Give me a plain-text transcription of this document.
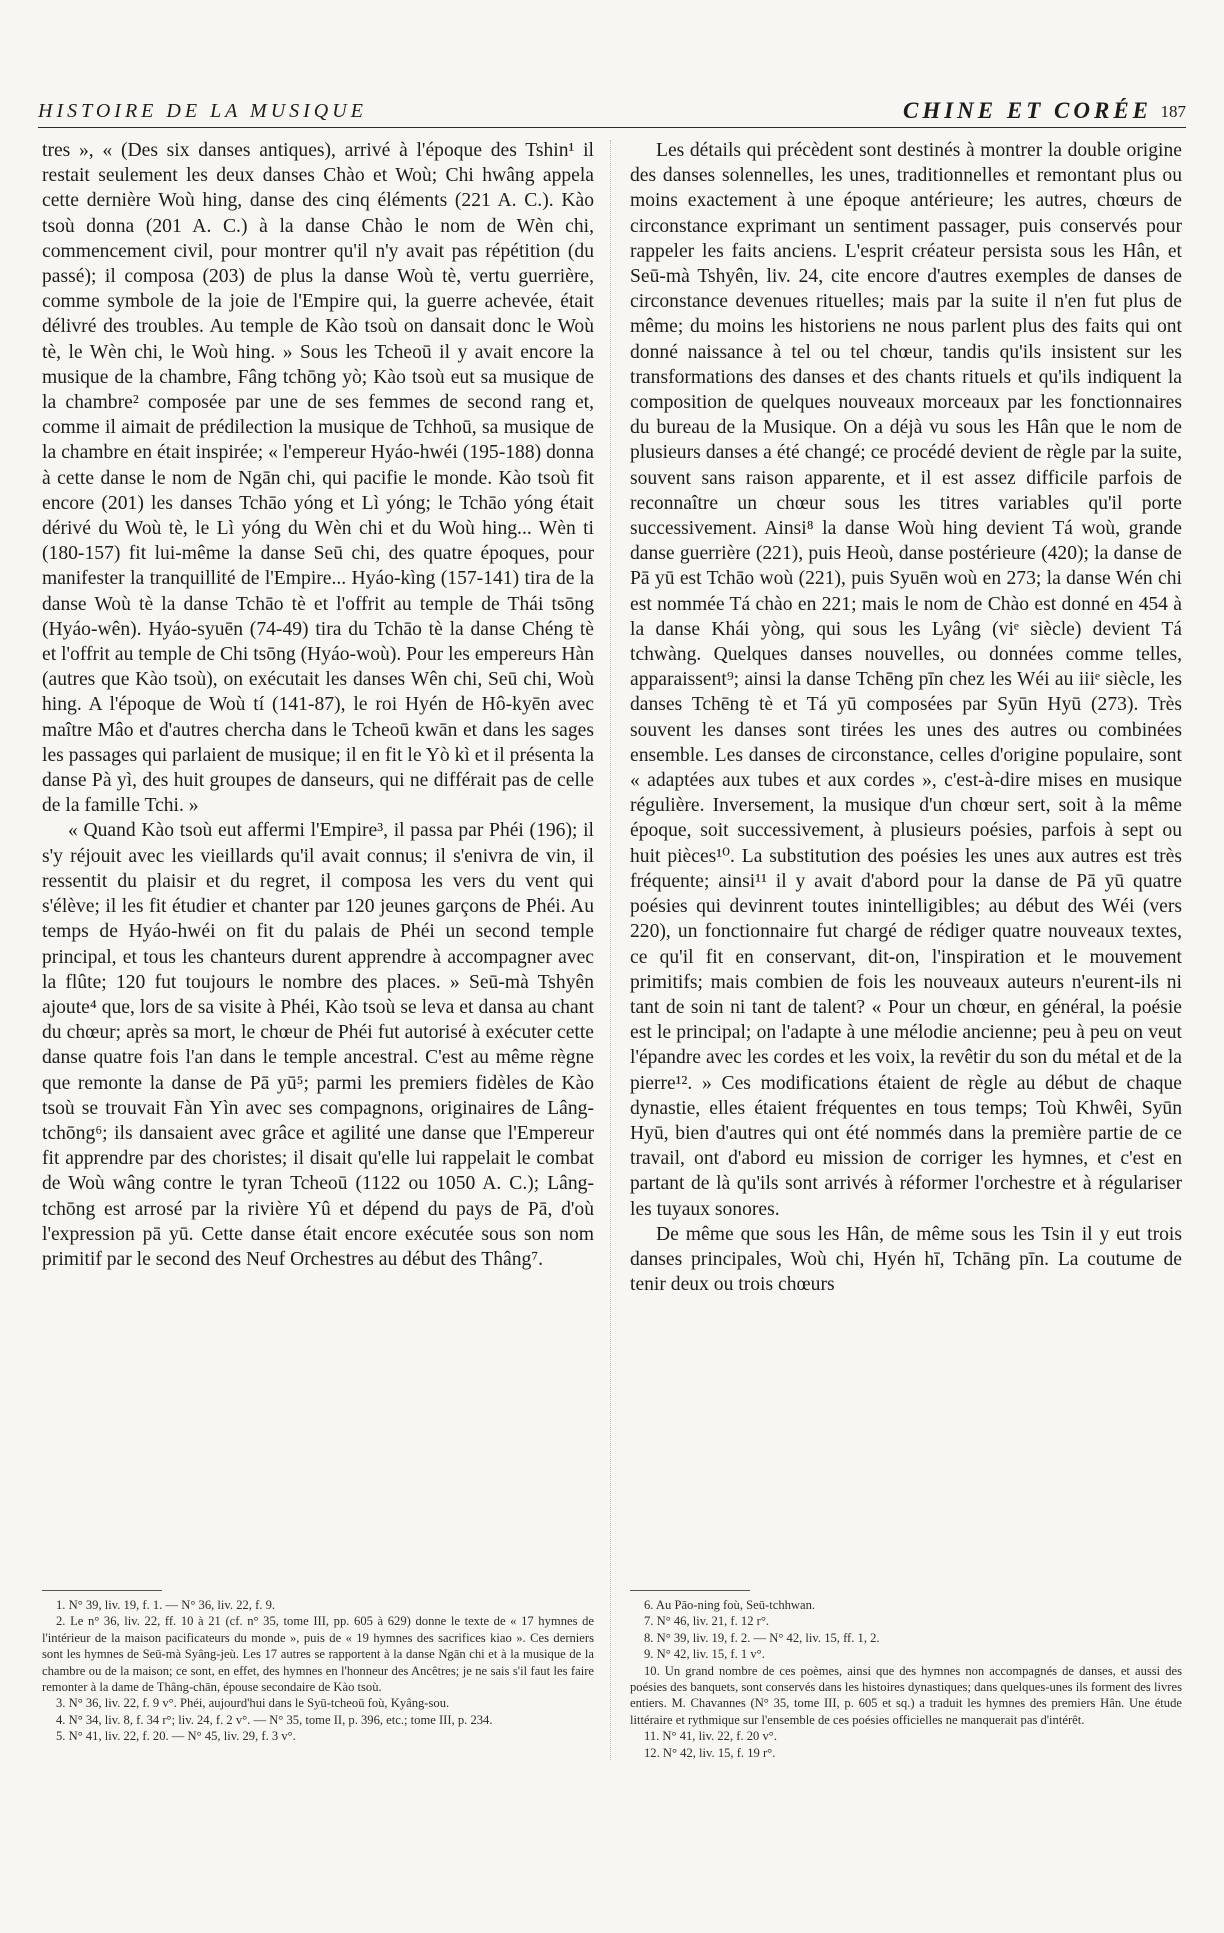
HISTOIRE DE LA MUSIQUE	CHINE ET CORÉE 187

tres », « (Des six danses antiques), arrivé à l'époque des Tshin¹ il restait seulement les deux danses Chào et Woù; Chi hwâng appela cette dernière Woù hing, danse des cinq éléments (221 A. C.). Kào tsoù donna (201 A. C.) à la danse Chào le nom de Wèn chi, commencement civil, pour montrer qu'il n'y avait pas répétition (du passé); il composa (203) de plus la danse Woù tè, vertu guerrière, comme symbole de la joie de l'Empire qui, la guerre achevée, était délivré des troubles. Au temple de Kào tsoù on dansait donc le Woù tè, le Wèn chi, le Woù hing. » Sous les Tcheoū il y avait encore la musique de la chambre, Fâng tchōng yò; Kào tsoù eut sa musique de la chambre² composée par une de ses femmes de second rang et, comme il aimait de prédilection la musique de Tchhoū, sa musique de la chambre en était inspirée; « l'empereur Hyáo-hwéi (195-188) donna à cette danse le nom de Ngān chi, qui pacifie le monde. Kào tsoù fit encore (201) les danses Tchāo yóng et Lì yóng; le Tchāo yóng était dérivé du Woù tè, le Lì yóng du Wèn chi et du Woù hing... Wèn ti (180-157) fit lui-même la danse Seū chi, des quatre époques, pour manifester la tranquillité de l'Empire... Hyáo-kìng (157-141) tira de la danse Woù tè la danse Tchāo tè et l'offrit au temple de Thái tsōng (Hyáo-wên). Hyáo-syuēn (74-49) tira du Tchāo tè la danse Chéng tè et l'offrit au temple de Chi tsōng (Hyáo-woù). Pour les empereurs Hàn (autres que Kào tsoù), on exécutait les danses Wên chi, Seū chi, Woù hing. A l'époque de Woù tí (141-87), le roi Hyén de Hô-kyēn avec maître Mâo et d'autres chercha dans le Tcheoū kwān et dans les sages les passages qui parlaient de musique; il en fit le Yò kì et il présenta la danse Pà yì, des huit groupes de danseurs, qui ne différait pas de celle de la famille Tchi. »

« Quand Kào tsoù eut affermi l'Empire³, il passa par Phéi (196); il s'y réjouit avec les vieillards qu'il avait connus; il s'enivra de vin, il ressentit du plaisir et du regret, il composa les vers du vent qui s'élève; il les fit étudier et chanter par 120 jeunes garçons de Phéi. Au temps de Hyáo-hwéi on fit du palais de Phéi un second temple principal, et tous les chanteurs durent apprendre à accompagner avec la flûte; 120 fut toujours le nombre des places. » Seū-mà Tshyên ajoute⁴ que, lors de sa visite à Phéi, Kào tsoù se leva et dansa au chant du chœur; après sa mort, le chœur de Phéi fut autorisé à exécuter cette danse quatre fois l'an dans le temple ancestral. C'est au même règne que remonte la danse de Pā yū⁵; parmi les premiers fidèles de Kào tsoù se trouvait Fàn Yìn avec ses compagnons, originaires de Lâng-tchōng⁶; ils dansaient avec grâce et agilité une danse que l'Empereur fit apprendre par des choristes; il disait qu'elle lui rappelait le combat de Woù wâng contre le tyran Tcheoū (1122 ou 1050 A. C.); Lâng-tchōng est arrosé par la rivière Yû et dépend du pays de Pā, d'où l'expression pā yū. Cette danse était encore exécutée sous son nom primitif par le second des Neuf Orchestres au début des Thâng⁷.

Les détails qui précèdent sont destinés à montrer la double origine des danses solennelles, les unes, traditionnelles et remontant plus ou moins exactement à une époque antérieure; les autres, chœurs de circonstance exprimant un sentiment passager, puis conservés pour rappeler les faits anciens. L'esprit créateur persista sous les Hân, et Seū-mà Tshyên, liv. 24, cite encore d'autres exemples de danses de circonstance devenues rituelles; mais par la suite il n'en fut plus de même; du moins les historiens ne nous parlent plus des faits qui ont donné naissance à tel ou tel chœur, tandis qu'ils insistent sur les transformations des danses et des chants rituels et qu'ils indiquent la composition de quelques nouveaux morceaux par les fonctionnaires du bureau de la Musique. On a déjà vu sous les Hân que le nom de plusieurs danses a été changé; ce procédé devient de règle par la suite, souvent sans raison apparente, et il est assez difficile parfois de reconnaître un chœur sous les titres variables qu'il porte successivement. Ainsi⁸ la danse Woù hing devient Tá woù, grande danse guerrière (221), puis Heoù, danse postérieure (420); la danse de Pā yū est Tchāo woù (221), puis Syuēn woù en 273; la danse Wén chi est nommée Tá chào en 221; mais le nom de Chào est donné en 454 à la danse Khái yòng, qui sous les Lyâng (viᵉ siècle) devient Tá tchwàng. Quelques danses nouvelles, ou données comme telles, apparaissent⁹; ainsi la danse Tchēng pīn chez les Wéi au iiiᵉ siècle, les danses Tchēng tè et Tá yū composées par Syūn Hyū (273). Très souvent les danses sont tirées les unes des autres ou combinées ensemble. Les danses de circonstance, celles d'origine populaire, sont « adaptées aux tubes et aux cordes », c'est-à-dire mises en musique régulière. Inversement, la musique d'un chœur sert, soit à la même époque, soit successivement, à plusieurs poésies, parfois à sept ou huit pièces¹⁰. La substitution des poésies les unes aux autres est très fréquente; ainsi¹¹ il y avait d'abord pour la danse de Pā yū quatre poésies qui devinrent toutes inintelligibles; au début des Wéi (vers 220), un fonctionnaire fut chargé de rédiger quatre nouveaux textes, ce qu'il fit en conservant, dit-on, l'inspiration et le mouvement primitifs; mais combien de fois les nouveaux auteurs n'eurent-ils ni tant de soin ni tant de talent? « Pour un chœur, en général, la poésie est le principal; on l'adapte à une mélodie ancienne; peu à peu on veut l'épandre avec les cordes et les voix, la revêtir du son du métal et de la pierre¹². » Ces modifications étaient de règle au début de chaque dynastie, elles étaient fréquentes en tous temps; Toù Khwêi, Syūn Hyū, bien d'autres qui ont été nommés dans la première partie de ce travail, ont d'abord eu mission de corriger les hymnes, et c'est en partant de là qu'ils sont arrivés à réformer l'orchestre et à régulariser les tuyaux sonores.

De même que sous les Hân, de même sous les Tsin il y eut trois danses principales, Woù chi, Hyén hī, Tchāng pīn. La coutume de tenir deux ou trois chœurs

1. N° 39, liv. 19, f. 1. — N° 36, liv. 22, f. 9.

2. Le n° 36, liv. 22, ff. 10 à 21 (cf. n° 35, tome III, pp. 605 à 629) donne le texte de « 17 hymnes de l'intérieur de la maison pacificateurs du monde », puis de « 19 hymnes des sacrifices kiao ». Ces derniers sont les hymnes de Seū-mà Syâng-jeù. Les 17 autres se rapportent à la danse Ngān chi et à la musique de la chambre ou de la maison; ce sont, en effet, des hymnes en l'honneur des Ancêtres; je ne sais s'il faut les faire remonter à la dame de Thâng-chān, épouse secondaire de Kào tsoù.

3. N° 36, liv. 22, f. 9 v°. Phéi, aujourd'hui dans le Syū-tcheoū foù, Kyâng-sou.

4. N° 34, liv. 8, f. 34 r°; liv. 24, f. 2 v°. — N° 35, tome II, p. 396, etc.; tome III, p. 234.

5. N° 41, liv. 22, f. 20. — N° 45, liv. 29, f. 3 v°.

6. Au Pāo-ning foù, Seū-tchhwan.

7. N° 46, liv. 21, f. 12 r°.

8. N° 39, liv. 19, f. 2. — N° 42, liv. 15, ff. 1, 2.

9. N° 42, liv. 15, f. 1 v°.

10. Un grand nombre de ces poèmes, ainsi que des hymnes non accompagnés de danses, et aussi des poésies des banquets, sont conservés dans les histoires dynastiques; dans quelques-unes ils forment des livres entiers. M. Chavannes (N° 35, tome III, p. 605 et sq.) a traduit les hymnes des premiers Hân. Une étude littéraire et rythmique sur l'ensemble de ces poésies officielles ne manquerait pas d'intérêt.

11. N° 41, liv. 22, f. 20 v°.

12. N° 42, liv. 15, f. 19 r°.
